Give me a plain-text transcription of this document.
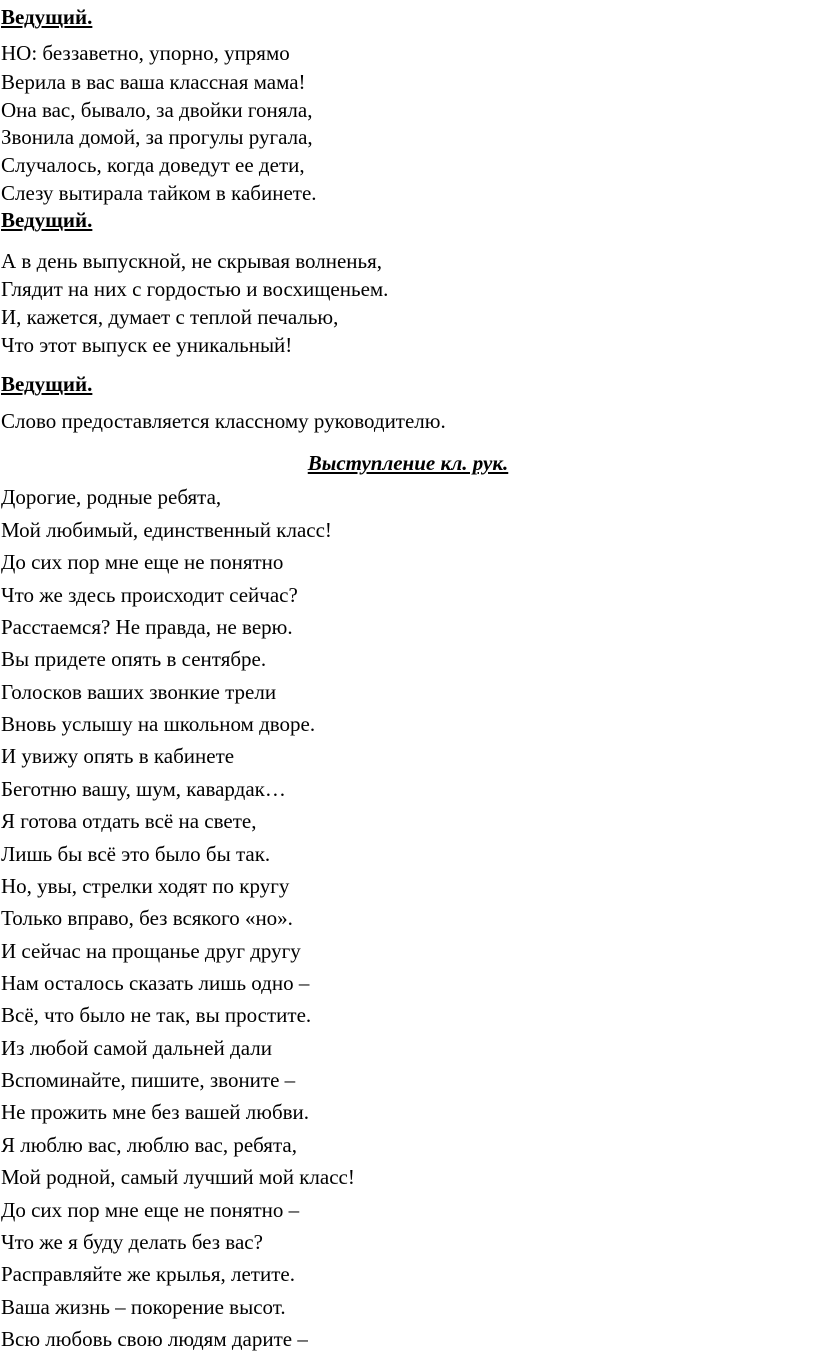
Ведущий.
НО: беззаветно, упорно, упрямо
Верила в вас ваша классная мама!
Она вас, бывало, за двойки гоняла,
Звонила домой, за прогулы ругала,
Случалось, когда доведут ее дети,
Слезу вытирала тайком в кабинете.
Ведущий.
А в день выпускной, не скрывая волненья,
Глядит на них с гордостью и восхищеньем.
И, кажется, думает с теплой печалью,
Что этот выпуск ее уникальный!
Ведущий.
Слово предоставляется классному руководителю.
Выступление кл. рук.
Дорогие, родные ребята,
Мой любимый, единственный класс!
До сих пор мне еще не понятно
Что же здесь происходит сейчас?
Расстаемся? Не правда, не верю.
Вы придете опять в сентябре.
Голосков ваших звонкие трели
Вновь услышу на школьном дворе.
И увижу опять в кабинете
Беготню вашу, шум, кавардак…
Я готова отдать всё на свете,
Лишь бы всё это было бы так.
Но, увы, стрелки ходят по кругу
Только вправо, без всякого «но».
И сейчас на прощанье друг другу
Нам осталось сказать лишь одно –
Всё, что было не так, вы простите.
Из любой самой дальней дали
Вспоминайте, пишите, звоните –
Не прожить мне без вашей любви.
Я люблю вас, люблю вас, ребята,
Мой родной, самый лучший мой класс!
До сих пор мне еще не понятно –
Что же я буду делать без вас?
Расправляйте же крылья, летите.
Ваша жизнь – покорение высот.
Всю любовь свою людям дарите –
